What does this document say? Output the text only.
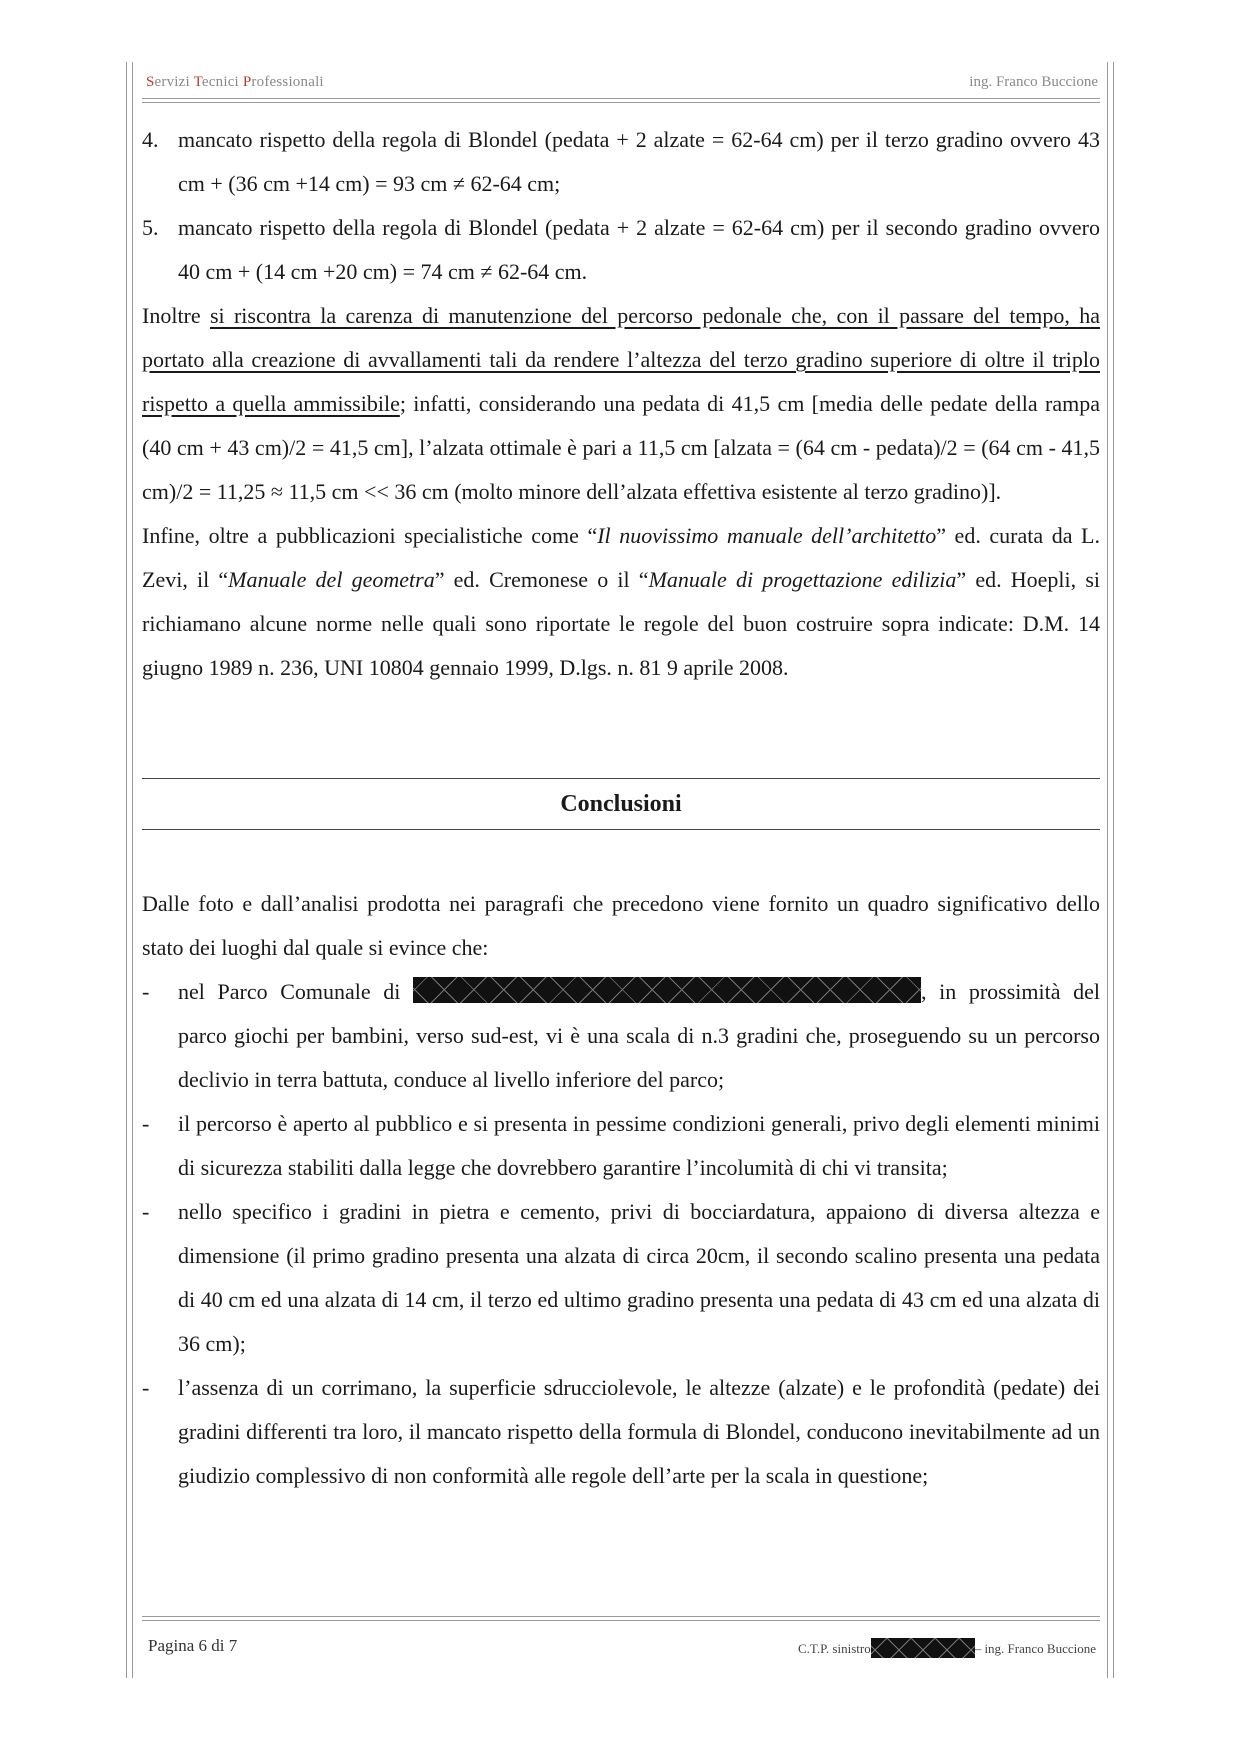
Servizi Tecnici Professionali	ing. Franco Buccione
4. mancato rispetto della regola di Blondel (pedata + 2 alzate = 62-64 cm) per il terzo gradino ovvero 43 cm + (36 cm +14 cm) = 93 cm ≠ 62-64 cm;
5. mancato rispetto della regola di Blondel (pedata + 2 alzate = 62-64 cm) per il secondo gradino ovvero 40 cm + (14 cm +20 cm) = 74 cm ≠ 62-64 cm.

Inoltre si riscontra la carenza di manutenzione del percorso pedonale che, con il passare del tempo, ha portato alla creazione di avvallamenti tali da rendere l’altezza del terzo gradino superiore di oltre il triplo rispetto a quella ammissibile; infatti, considerando una pedata di 41,5 cm [media delle pedate della rampa (40 cm + 43 cm)/2 = 41,5 cm], l’alzata ottimale è pari a 11,5 cm [alzata = (64 cm - pedata)/2 = (64 cm - 41,5 cm)/2 = 11,25 ≈ 11,5 cm << 36 cm (molto minore dell’alzata effettiva esistente al terzo gradino)].

Infine, oltre a pubblicazioni specialistiche come “Il nuovissimo manuale dell’architetto” ed. curata da L. Zevi, il “Manuale del geometra” ed. Cremonese o il “Manuale di progettazione edilizia” ed. Hoepli, si richiamano alcune norme nelle quali sono riportate le regole del buon costruire sopra indicate: D.M. 14 giugno 1989 n. 236, UNI 10804 gennaio 1999, D.lgs. n. 81 9 aprile 2008.

Conclusioni

Dalle foto e dall’analisi prodotta nei paragrafi che precedono viene fornito un quadro significativo dello stato dei luoghi dal quale si evince che:

- nel Parco Comunale di	, in prossimità del parco giochi per bambini, verso sud-est, vi è una scala di n.3 gradini che, proseguendo su un percorso declivio in terra battuta, conduce al livello inferiore del parco;
- il percorso è aperto al pubblico e si presenta in pessime condizioni generali, privo degli elementi minimi di sicurezza stabiliti dalla legge che dovrebbero garantire l’incolumità di chi vi transita;
- nello specifico i gradini in pietra e cemento, privi di bocciardatura, appaiono di diversa altezza e dimensione (il primo gradino presenta una alzata di circa 20cm, il secondo scalino presenta una pedata di 40 cm ed una alzata di 14 cm, il terzo ed ultimo gradino presenta una pedata di 43 cm ed una alzata di 36 cm);
- l’assenza di un corrimano, la superficie sdrucciolevole, le altezze (alzate) e le profondità (pedate) dei gradini differenti tra loro, il mancato rispetto della formula di Blondel, conducono inevitabilmente ad un giudizio complessivo di non conformità alle regole dell’arte per la scala in questione;
Pagina 6 di 7	C.T.P. sinistro	– ing. Franco Buccione
